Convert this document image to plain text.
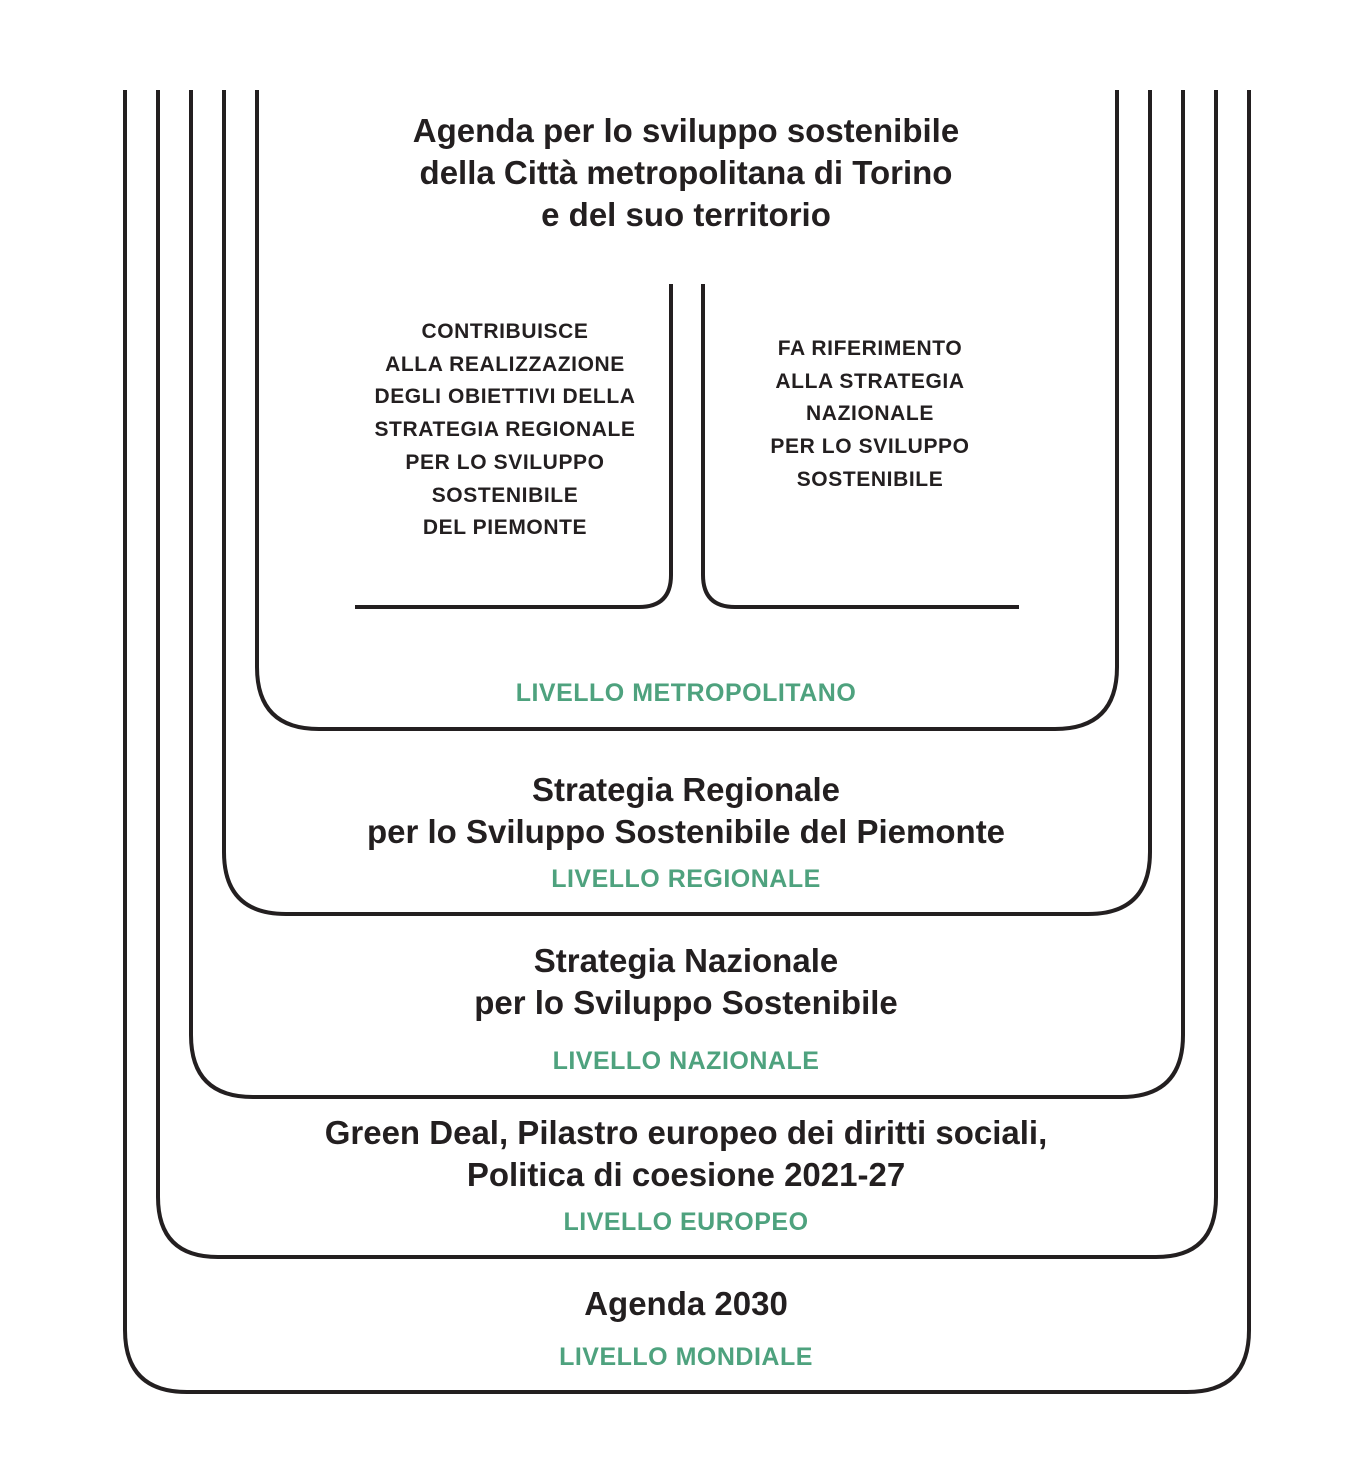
Agenda per lo sviluppo sostenibile
della Città metropolitana di Torino
e del suo territorio
CONTRIBUISCE
ALLA REALIZZAZIONE
DEGLI OBIETTIVI DELLA
STRATEGIA REGIONALE
PER LO SVILUPPO
SOSTENIBILE
DEL PIEMONTE
FA RIFERIMENTO
ALLA STRATEGIA
NAZIONALE
PER LO SVILUPPO
SOSTENIBILE
LIVELLO METROPOLITANO
Strategia Regionale
per lo Sviluppo Sostenibile del Piemonte
LIVELLO REGIONALE
Strategia Nazionale
per lo Sviluppo Sostenibile
LIVELLO NAZIONALE
Green Deal, Pilastro europeo dei diritti sociali,
Politica di coesione 2021-27
LIVELLO EUROPEO
Agenda 2030
LIVELLO MONDIALE
